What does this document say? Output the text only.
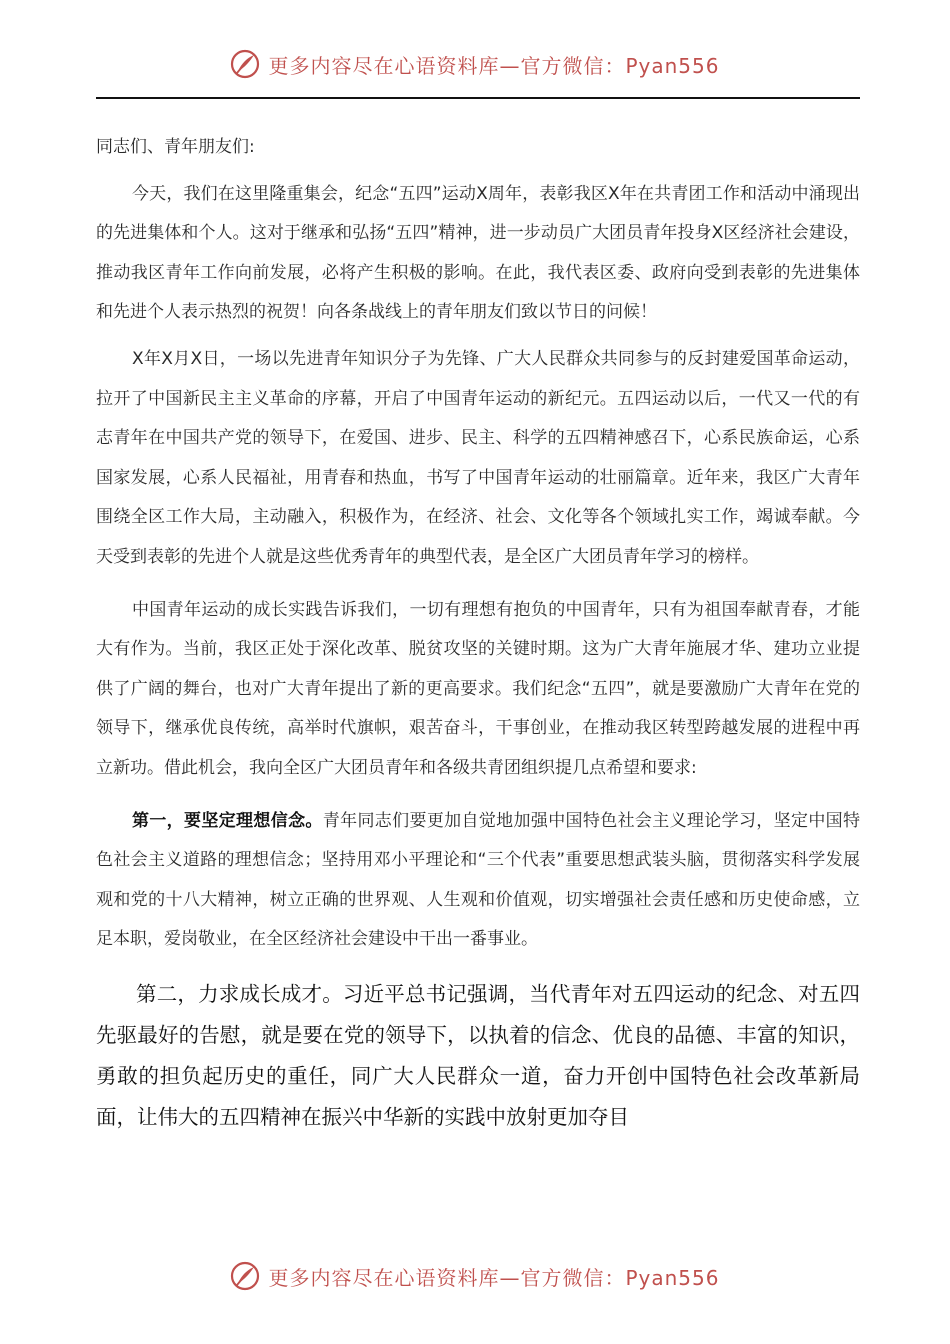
更多内容尽在心语资料库—官方微信：Pyan556

同志们、青年朋友们:

今天，我们在这里隆重集会，纪念“五四”运动X周年，表彰我区X年在共青团工作和活动中涌现出的先进集体和个人。这对于继承和弘扬“五四”精神，进一步动员广大团员青年投身X区经济社会建设，推动我区青年工作向前发展，必将产生积极的影响。在此，我代表区委、政府向受到表彰的先进集体和先进个人表示热烈的祝贺！向各条战线上的青年朋友们致以节日的问候！

X年X月X日，一场以先进青年知识分子为先锋、广大人民群众共同参与的反封建爱国革命运动，拉开了中国新民主主义革命的序幕，开启了中国青年运动的新纪元。五四运动以后，一代又一代的有志青年在中国共产党的领导下，在爱国、进步、民主、科学的五四精神感召下，心系民族命运，心系国家发展，心系人民福祉，用青春和热血，书写了中国青年运动的壮丽篇章。近年来，我区广大青年围绕全区工作大局，主动融入，积极作为，在经济、社会、文化等各个领域扎实工作，竭诚奉献。今天受到表彰的先进个人就是这些优秀青年的典型代表，是全区广大团员青年学习的榜样。

中国青年运动的成长实践告诉我们，一切有理想有抱负的中国青年，只有为祖国奉献青春，才能大有作为。当前，我区正处于深化改革、脱贫攻坚的关键时期。这为广大青年施展才华、建功立业提供了广阔的舞台，也对广大青年提出了新的更高要求。我们纪念“五四”，就是要激励广大青年在党的领导下，继承优良传统，高举时代旗帜，艰苦奋斗，干事创业，在推动我区转型跨越发展的进程中再立新功。借此机会，我向全区广大团员青年和各级共青团组织提几点希望和要求:

第一，要坚定理想信念。青年同志们要更加自觉地加强中国特色社会主义理论学习，坚定中国特色社会主义道路的理想信念；坚持用邓小平理论和“三个代表”重要思想武装头脑，贯彻落实科学发展观和党的十八大精神，树立正确的世界观、人生观和价值观，切实增强社会责任感和历史使命感，立足本职，爱岗敬业，在全区经济社会建设中干出一番事业。

第二，力求成长成才。习近平总书记强调，当代青年对五四运动的纪念、对五四先驱最好的告慰，就是要在党的领导下，以执着的信念、优良的品德、丰富的知识，勇敢的担负起历史的重任，同广大人民群众一道，奋力开创中国特色社会改革新局面，让伟大的五四精神在振兴中华新的实践中放射更加夺目

更多内容尽在心语资料库—官方微信：Pyan556
